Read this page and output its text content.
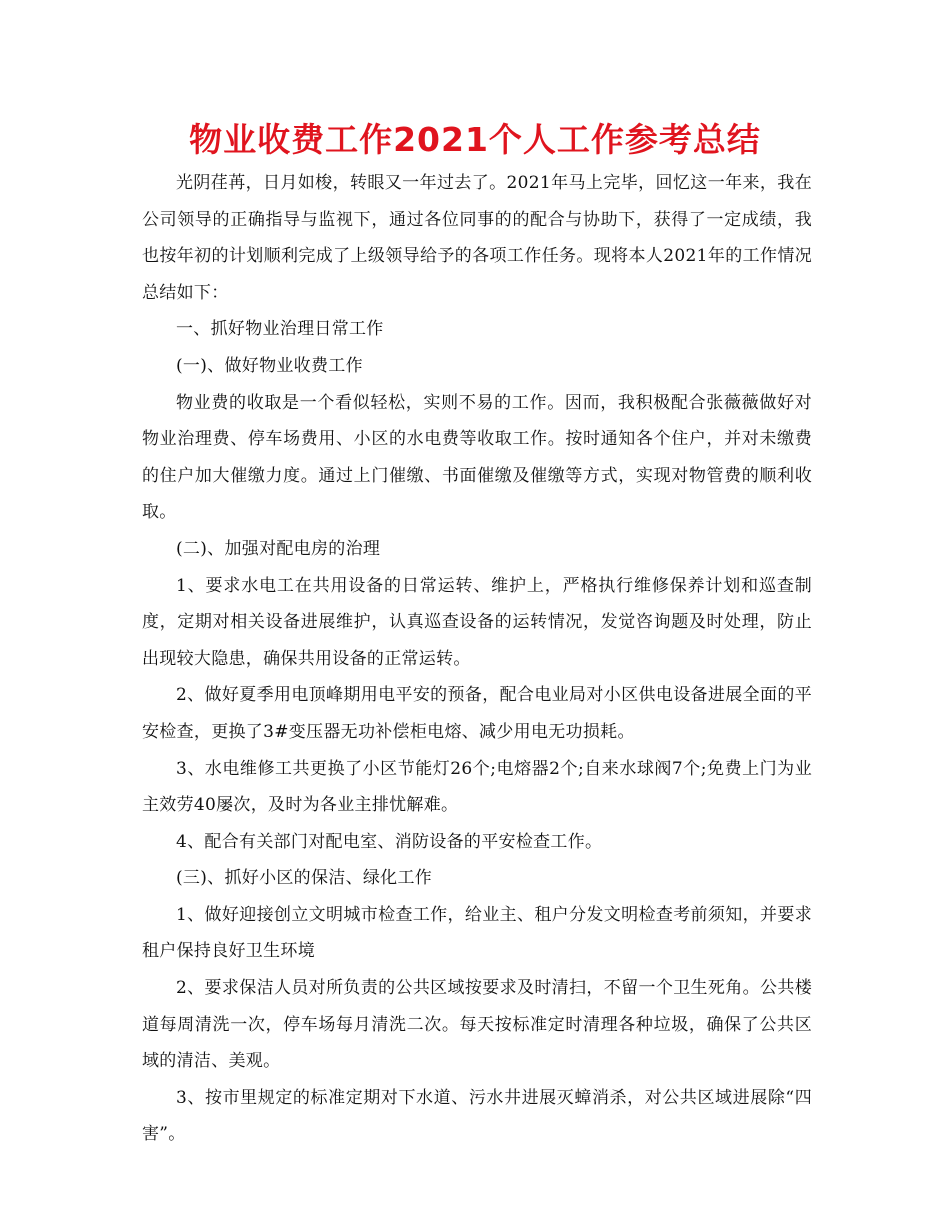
物业收费工作2021个人工作参考总结

光阴荏苒，日月如梭，转眼又一年过去了。2021年马上完毕，回忆这一年来，我在公司领导的正确指导与监视下，通过各位同事的的配合与协助下，获得了一定成绩，我也按年初的计划顺利完成了上级领导给予的各项工作任务。现将本人2021年的工作情况总结如下：

一、抓好物业治理日常工作

(一)、做好物业收费工作

物业费的收取是一个看似轻松，实则不易的工作。因而，我积极配合张薇薇做好对物业治理费、停车场费用、小区的水电费等收取工作。按时通知各个住户，并对未缴费的住户加大催缴力度。通过上门催缴、书面催缴及催缴等方式，实现对物管费的顺利收取。

(二)、加强对配电房的治理

1、要求水电工在共用设备的日常运转、维护上，严格执行维修保养计划和巡查制度，定期对相关设备进展维护，认真巡查设备的运转情况，发觉咨询题及时处理，防止出现较大隐患，确保共用设备的正常运转。

2、做好夏季用电顶峰期用电平安的预备，配合电业局对小区供电设备进展全面的平安检查，更换了3#变压器无功补偿柜电熔、减少用电无功损耗。

3、水电维修工共更换了小区节能灯26个;电熔器2个;自来水球阀7个;免费上门为业主效劳40屡次，及时为各业主排忧解难。

4、配合有关部门对配电室、消防设备的平安检查工作。

(三)、抓好小区的保洁、绿化工作

1、做好迎接创立文明城市检查工作，给业主、租户分发文明检查考前须知，并要求租户保持良好卫生环境

2、要求保洁人员对所负责的公共区域按要求及时清扫，不留一个卫生死角。公共楼道每周清洗一次，停车场每月清洗二次。每天按标准定时清理各种垃圾，确保了公共区域的清洁、美观。

3、按市里规定的标准定期对下水道、污水井进展灭蟑消杀，对公共区域进展除“四害”。
